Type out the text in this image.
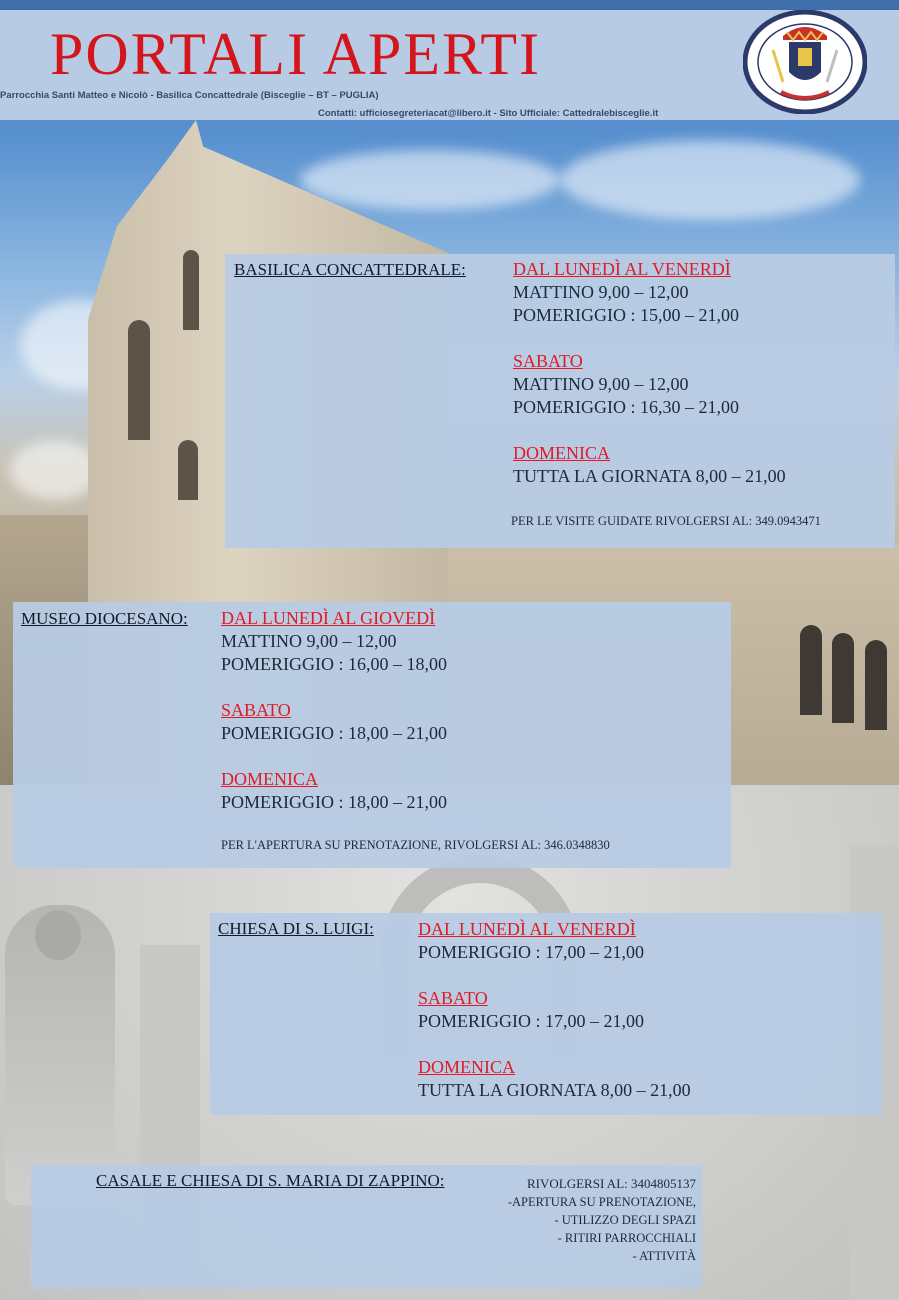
PORTALI APERTI
Parrocchia Santi Matteo e Nicolò - Basilica Concattedrale (Bisceglie – BT – PUGLIA)
Contatti: ufficiosegreteriacat@libero.it - Sito Ufficiale: Cattedralebisceglie.it
BASILICA CONCATTEDRALE:	DAL LUNEDÌ AL VENERDÌ
MATTINO 9,00 – 12,00
POMERIGGIO : 15,00 – 21,00
SABATO
MATTINO 9,00 – 12,00
POMERIGGIO : 16,30 – 21,00
DOMENICA
TUTTA LA GIORNATA 8,00 – 21,00
PER LE VISITE GUIDATE RIVOLGERSI AL: 349.0943471
MUSEO DIOCESANO: DAL LUNEDÌ AL GIOVEDÌ
MATTINO 9,00 – 12,00
POMERIGGIO : 16,00 – 18,00
SABATO
POMERIGGIO : 18,00 – 21,00
DOMENICA
POMERIGGIO : 18,00 – 21,00
PER L'APERTURA SU PRENOTAZIONE, RIVOLGERSI AL: 346.0348830
CHIESA DI S. LUIGI: DAL LUNEDÌ AL VENERDÌ
POMERIGGIO : 17,00 – 21,00
SABATO
POMERIGGIO : 17,00 – 21,00
DOMENICA
TUTTA LA GIORNATA 8,00 – 21,00
CASALE E CHIESA DI S. MARIA DI ZAPPINO:	RIVOLGERSI AL: 3404805137
-APERTURA SU PRENOTAZIONE,
- UTILIZZO DEGLI SPAZI
- RITIRI PARROCCHIALI
- ATTIVITÀ
